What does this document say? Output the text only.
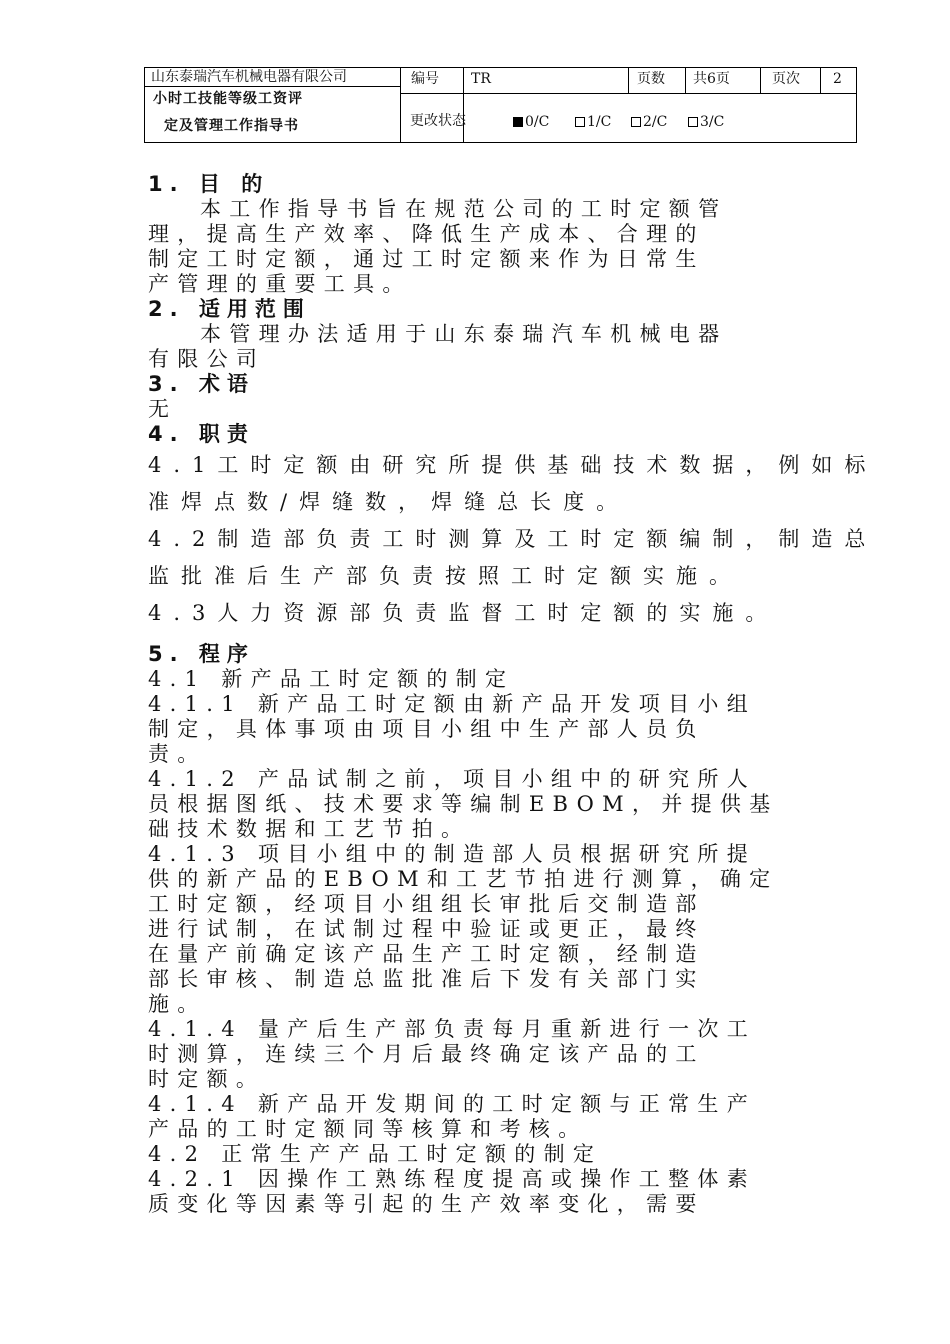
山东泰瑞汽车机械电器有限公司
小时工技能等级工资评
定及管理工作指导书
编号 TR	页数 共6页	页次 2
更改状态	0/C	1/C	2/C	3/C
1. 目 的
本工作指导书旨在规范公司的工时定额管
理，提高生产效率、降低生产成本、合理的
制定工时定额，通过工时定额来作为日常生
产管理的重要工具。
2. 适用范围
本管理办法适用于山东泰瑞汽车机械电器
有限公司
3. 术语
无
4. 职责
4.1工时定额由研究所提供基础技术数据，例如标
准焊点数/焊缝数，焊缝总长度。
4.2制造部负责工时测算及工时定额编制，制造总
监批准后生产部负责按照工时定额实施。
4.3人力资源部负责监督工时定额的实施。
5. 程序
4.1 新产品工时定额的制定
4.1.1 新产品工时定额由新产品开发项目小组
制定，具体事项由项目小组中生产部人员负
责。
4.1.2 产品试制之前，项目小组中的研究所人
员根据图纸、技术要求等编制EBOM，并提供基
础技术数据和工艺节拍。
4.1.3 项目小组中的制造部人员根据研究所提
供的新产品的EBOM和工艺节拍进行测算，确定
工时定额，经项目小组组长审批后交制造部
进行试制，在试制过程中验证或更正，最终
在量产前确定该产品生产工时定额，经制造
部长审核、制造总监批准后下发有关部门实
施。
4.1.4 量产后生产部负责每月重新进行一次工
时测算，连续三个月后最终确定该产品的工
时定额。
4.1.4 新产品开发期间的工时定额与正常生产
产品的工时定额同等核算和考核。
4.2 正常生产产品工时定额的制定
4.2.1 因操作工熟练程度提高或操作工整体素
质变化等因素等引起的生产效率变化，需要
